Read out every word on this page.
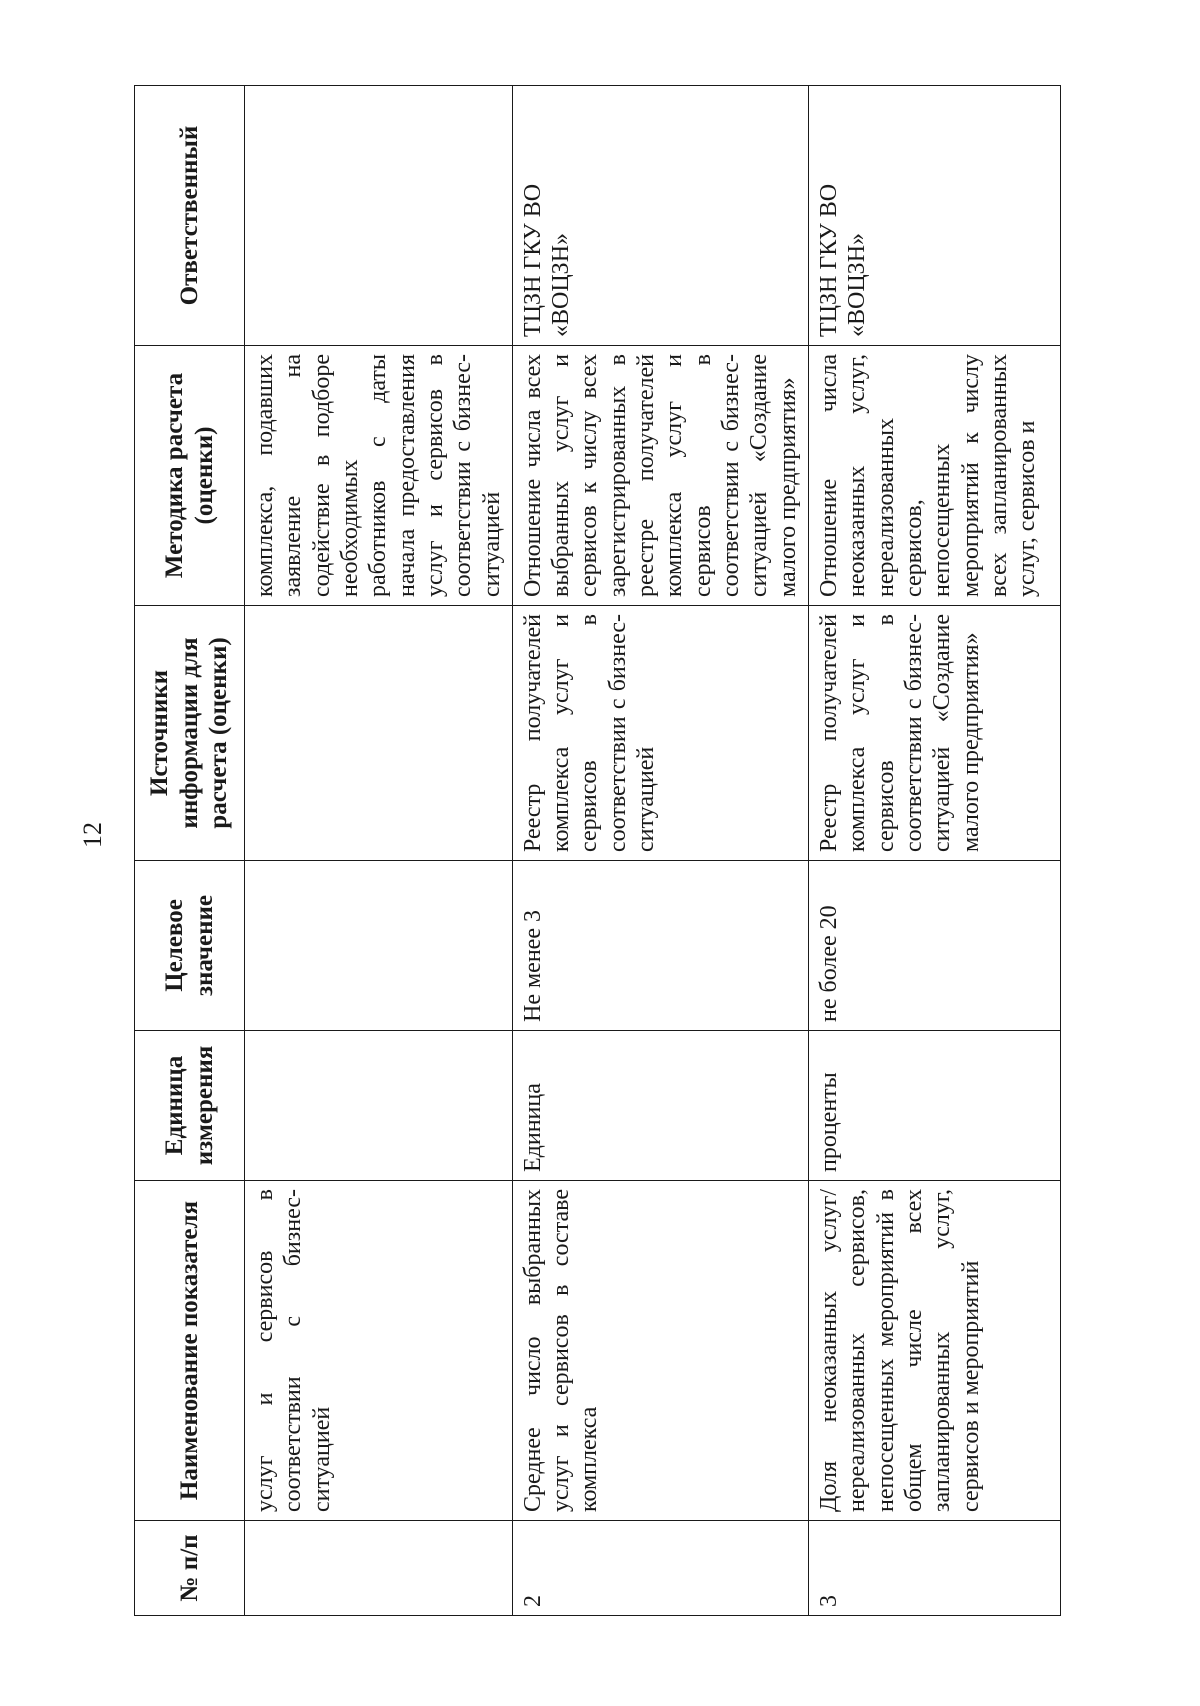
12
№ п/п	Наименование показателя	Единица измерения	Целевое значение	Источники информации для расчета (оценки)	Методика расчета (оценки)	Ответственный
	услуг и сервисов в соответствии с бизнес-ситуацией				комплекса, подавших заявление на содействие в подборе необходимых работников с даты начала предоставления услуг и сервисов в соответствии с бизнес-ситуацией	
2	Среднее число выбранных услуг и сервисов в составе комплекса	Единица	Не менее 3	Реестр получателей комплекса услуг и сервисов в соответствии с бизнес-ситуацией	Отношение числа всех выбранных услуг и сервисов к числу всех зарегистрированных в реестре получателей комплекса услуг и сервисов в соответствии с бизнес-ситуацией «Создание малого предприятия»	ТЦЗН ГКУ ВО «ВОЦЗН»
3	Доля неоказанных услуг/нереализованных сервисов, непосещенных мероприятий в общем числе всех запланированных услуг, сервисов и мероприятий	проценты	не более 20	Реестр получателей комплекса услуг и сервисов в соответствии с бизнес-ситуацией «Создание малого предприятия»	Отношение числа неоказанных услуг, нереализованных сервисов, непосещенных мероприятий к числу всех запланированных услуг, сервисов и	ТЦЗН ГКУ ВО «ВОЦЗН»
